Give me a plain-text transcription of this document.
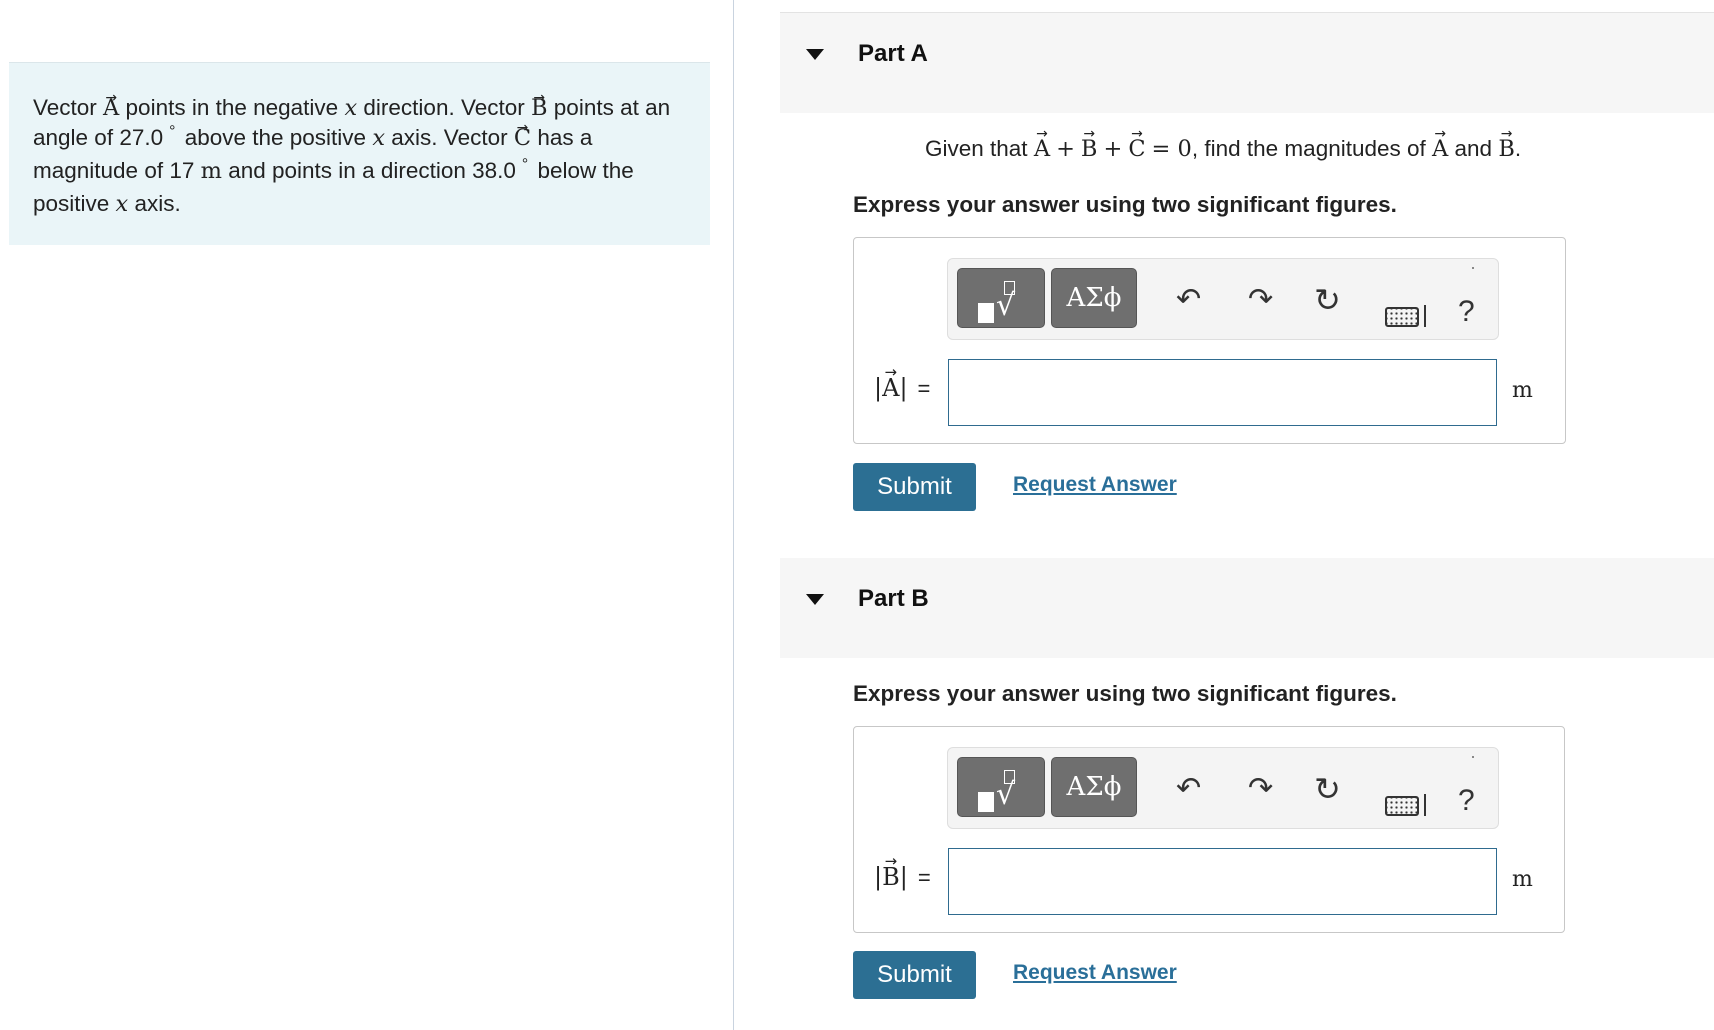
Vector → A points in the negative x direction. Vector → B points at an angle of 27.0 ° above the positive x axis. Vector → C has a magnitude of 17 m and points in a direction 38.0 ° below the positive x axis.

Part A
Given that → A + → B + → C = 0, find the magnitudes of → A and → B.
Express your answer using two significant figures.
√	ΑΣϕ	↶ ↷ ↻	?
|→ A| =	m
Submit	Request Answer
Part B
Express your answer using two significant figures.
√	ΑΣϕ	↶ ↷ ↻	?
|→ B| =	m
Submit	Request Answer
